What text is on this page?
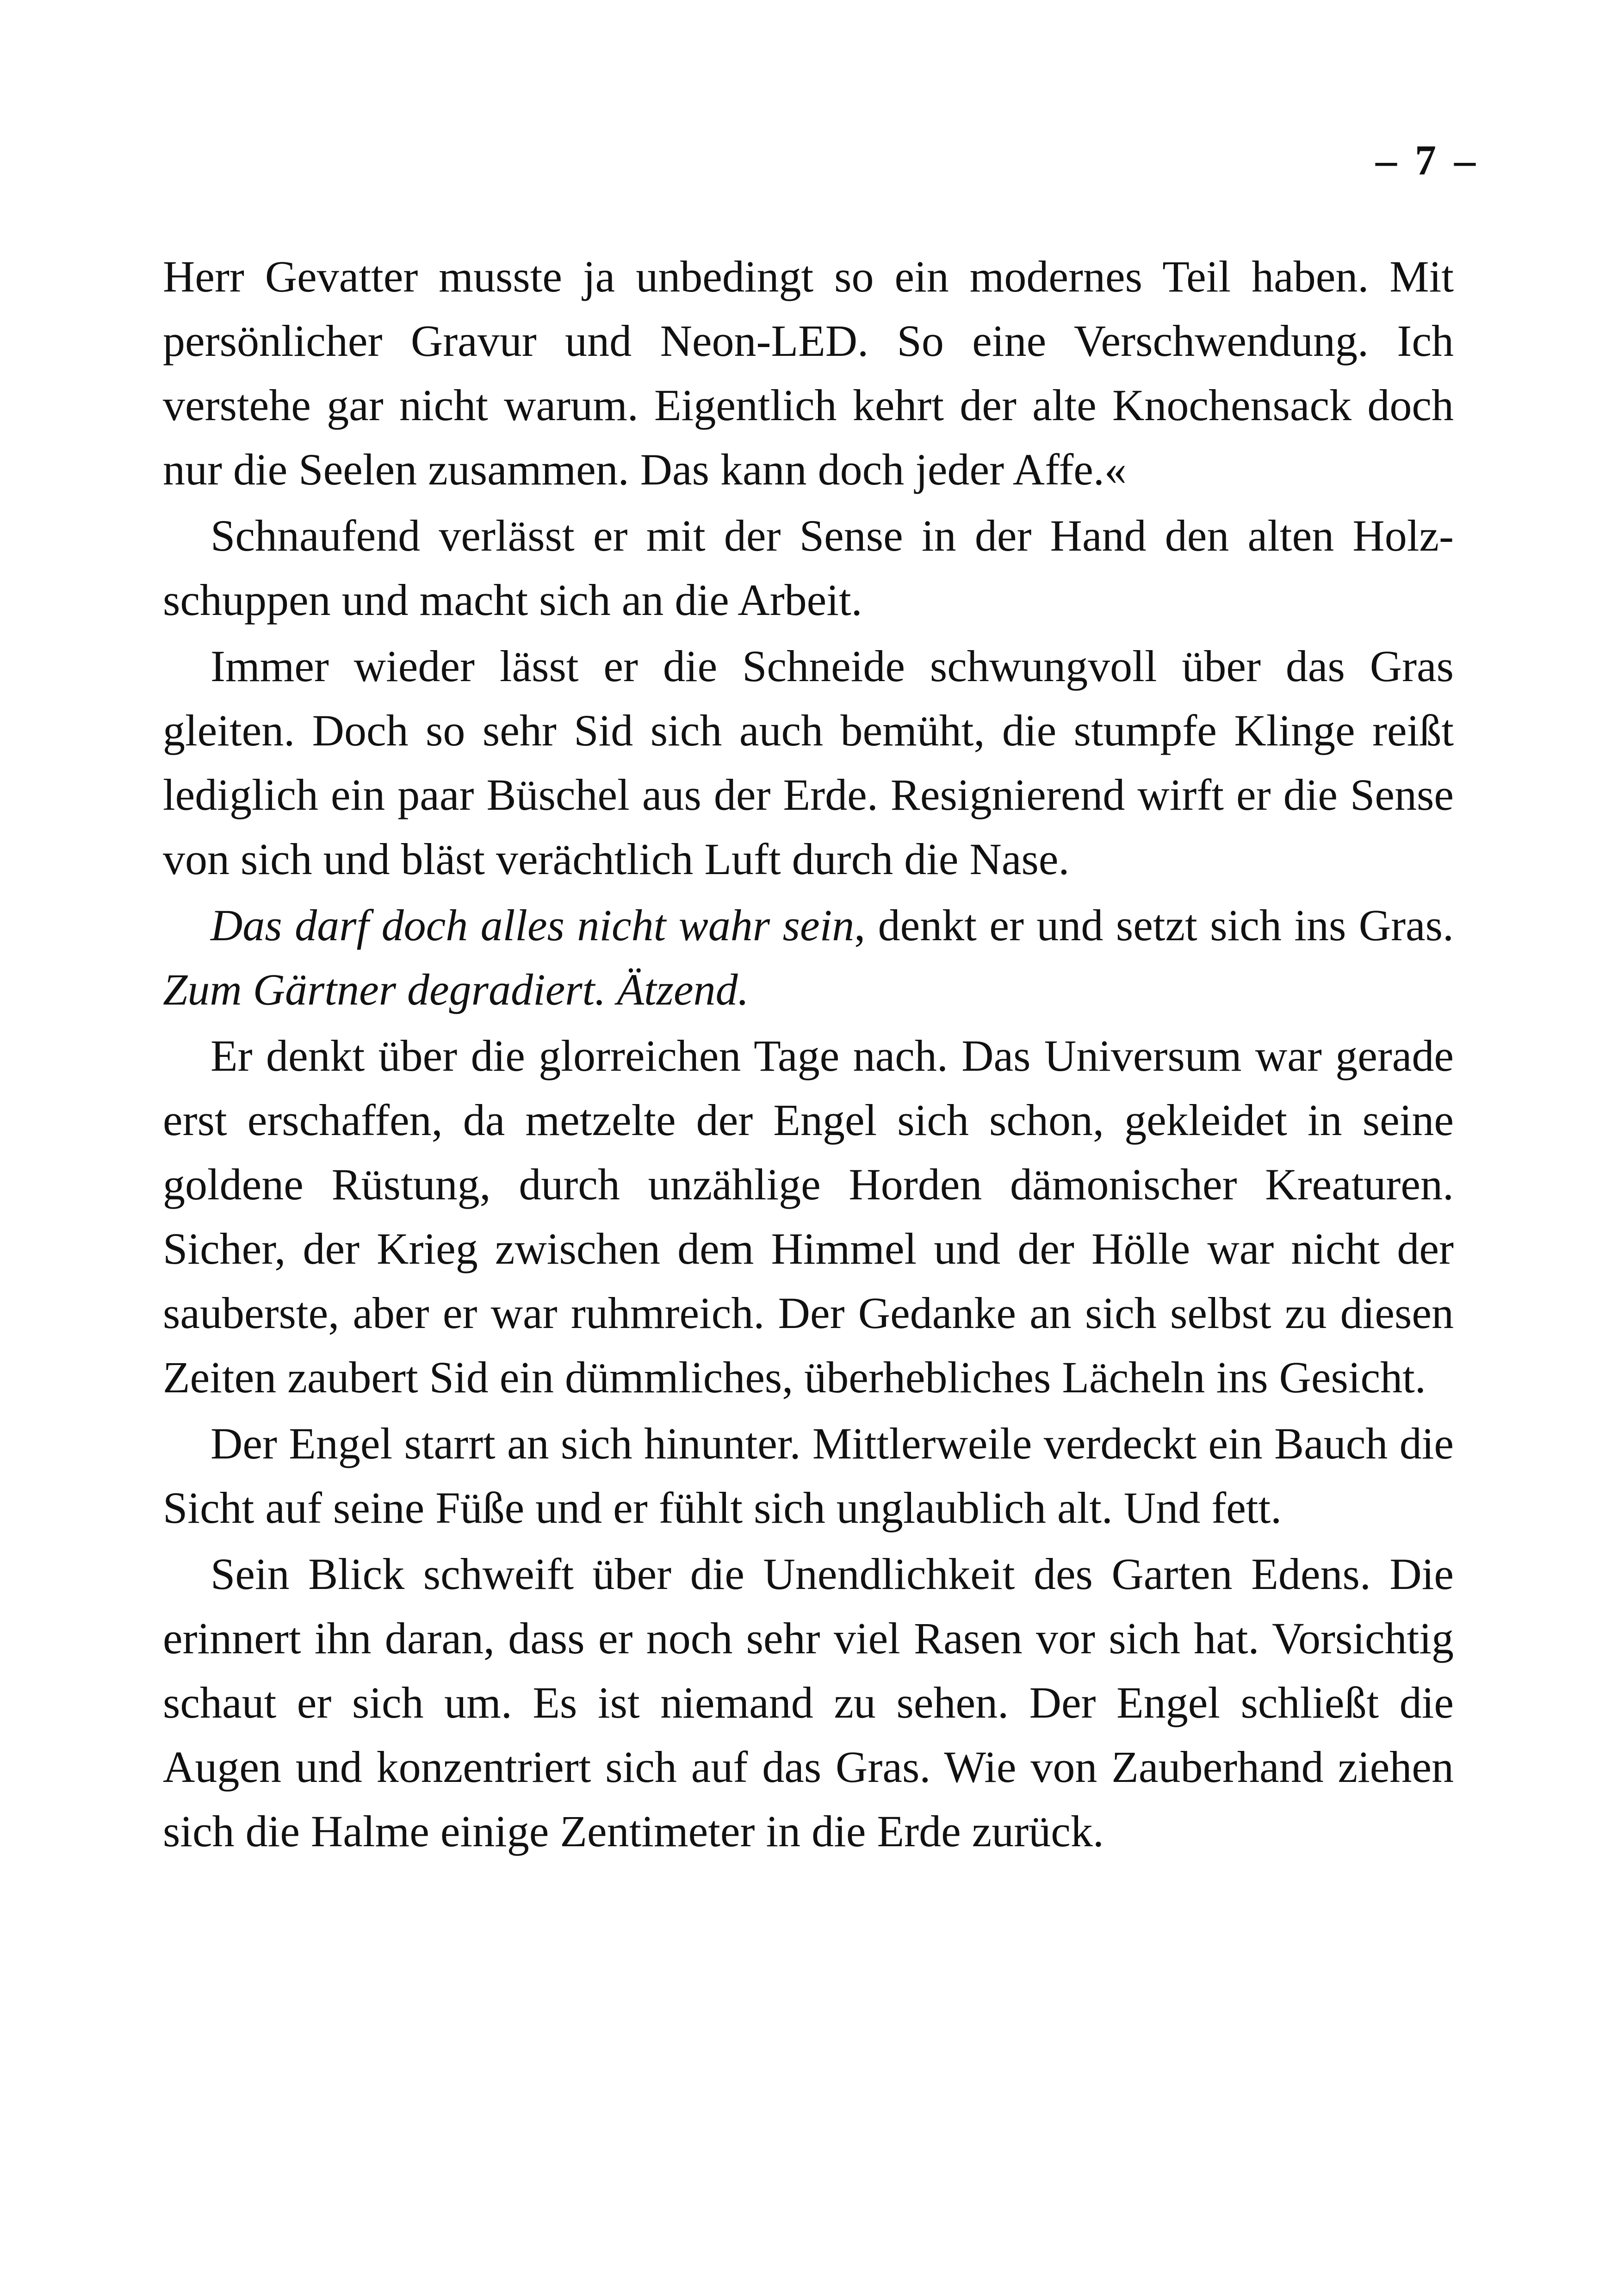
– 7 –

Herr Gevatter musste ja unbedingt so ein modernes Teil haben. Mit persönlicher Gravur und Neon-LED. So eine Verschwendung. Ich verstehe gar nicht warum. Eigentlich kehrt der alte Knochensack doch nur die Seelen zusammen. Das kann doch jeder Affe.«

Schnaufend verlässt er mit der Sense in der Hand den alten Holzschuppen und macht sich an die Arbeit.

Immer wieder lässt er die Schneide schwungvoll über das Gras gleiten. Doch so sehr Sid sich auch bemüht, die stumpfe Klinge reißt lediglich ein paar Büschel aus der Erde. Resignierend wirft er die Sense von sich und bläst verächtlich Luft durch die Nase.

Das darf doch alles nicht wahr sein, denkt er und setzt sich ins Gras. Zum Gärtner degradiert. Ätzend.

Er denkt über die glorreichen Tage nach. Das Universum war gerade erst erschaffen, da metzelte der Engel sich schon, gekleidet in seine goldene Rüstung, durch unzählige Horden dämonischer Kreaturen. Sicher, der Krieg zwischen dem Himmel und der Hölle war nicht der sauberste, aber er war ruhmreich. Der Gedanke an sich selbst zu diesen Zeiten zaubert Sid ein dümmliches, überhebliches Lächeln ins Gesicht.

Der Engel starrt an sich hinunter. Mittlerweile verdeckt ein Bauch die Sicht auf seine Füße und er fühlt sich unglaublich alt. Und fett.

Sein Blick schweift über die Unendlichkeit des Garten Edens. Die erinnert ihn daran, dass er noch sehr viel Rasen vor sich hat. Vorsichtig schaut er sich um. Es ist niemand zu sehen. Der Engel schließt die Augen und konzentriert sich auf das Gras. Wie von Zauberhand ziehen sich die Halme einige Zentimeter in die Erde zurück.
